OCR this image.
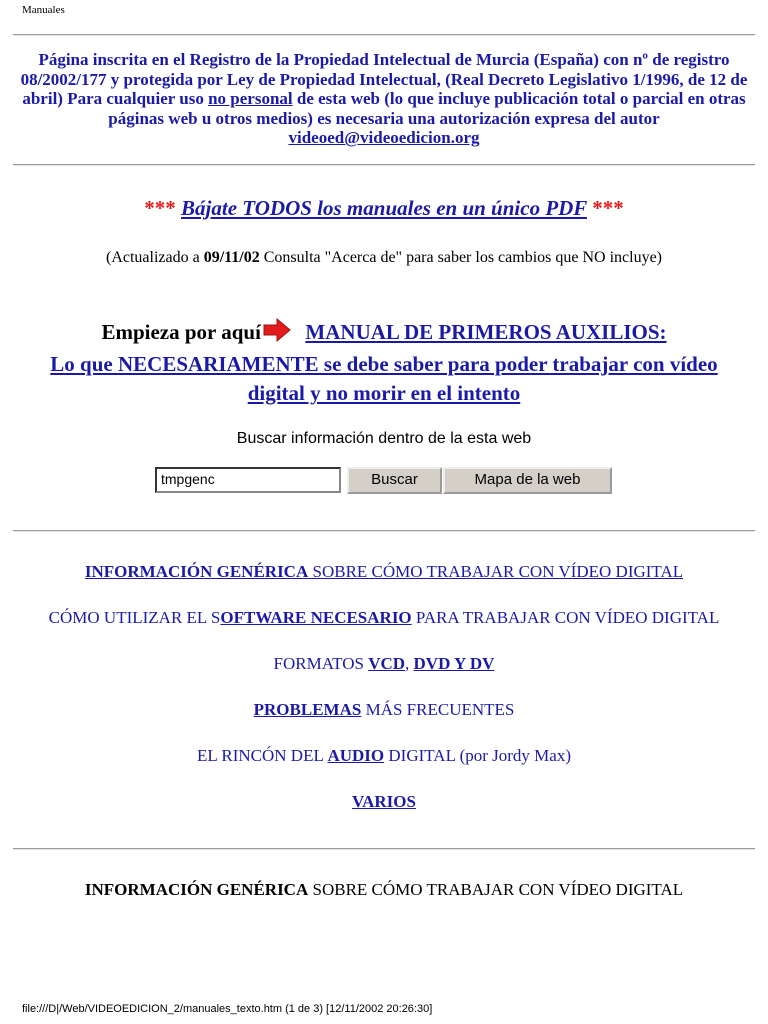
Manuales
Página inscrita en el Registro de la Propiedad Intelectual de Murcia (España) con nº de registro 08/2002/177 y protegida por Ley de Propiedad Intelectual, (Real Decreto Legislativo 1/1996, de 12 de abril) Para cualquier uso no personal de esta web (lo que incluye publicación total o parcial en otras páginas web u otros medios) es necesaria una autorización expresa del autor
videoed@videoedicion.org
*** Bájate TODOS los manuales en un único PDF ***
(Actualizado a 09/11/02 Consulta "Acerca de" para saber los cambios que NO incluye)
Empieza por aquí MANUAL DE PRIMEROS AUXILIOS:
Lo que NECESARIAMENTE se debe saber para poder trabajar con vídeo
digital y no morir en el intento
Buscar información dentro de la esta web
tmpgenc	Buscar	Mapa de la web
INFORMACIÓN GENÉRICA SOBRE CÓMO TRABAJAR CON VÍDEO DIGITAL
CÓMO UTILIZAR EL SOFTWARE NECESARIO PARA TRABAJAR CON VÍDEO DIGITAL
FORMATOS VCD, DVD Y DV
PROBLEMAS MÁS FRECUENTES
EL RINCÓN DEL AUDIO DIGITAL (por Jordy Max)
VARIOS
INFORMACIÓN GENÉRICA SOBRE CÓMO TRABAJAR CON VÍDEO DIGITAL
file:///D|/Web/VIDEOEDICION_2/manuales_texto.htm (1 de 3) [12/11/2002 20:26:30]
